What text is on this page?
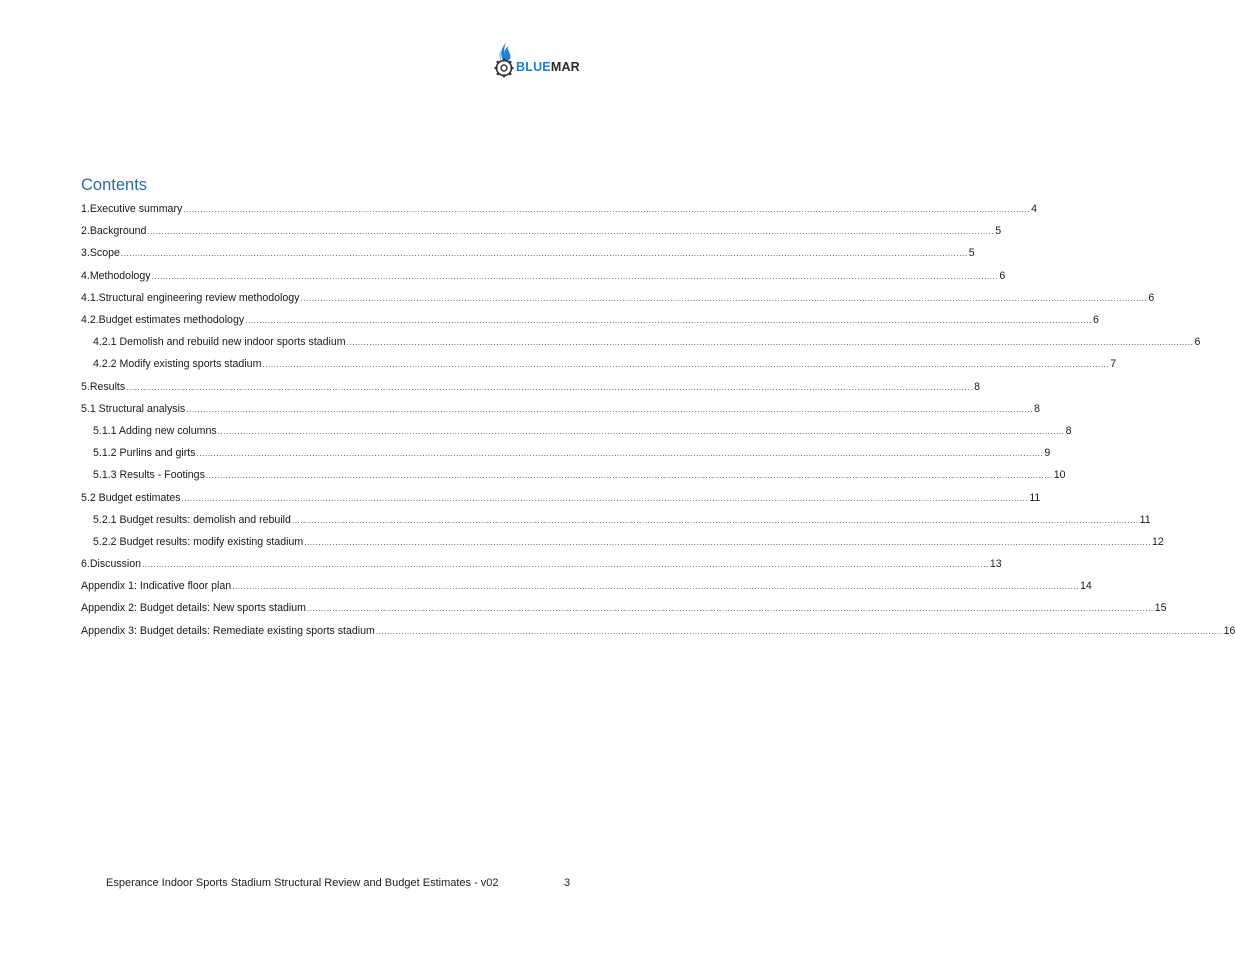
BLUEMAR
Contents
1. Executive summary ............................................................................................................................................................................................................................................................................................................ 4
2. Background ............................................................................................................................................................................................................................................................................................................ 5
3. Scope ............................................................................................................................................................................................................................................................................................................ 5
4. Methodology ............................................................................................................................................................................................................................................................................................................ 6
4.1. Structural engineering review methodology ............................................................................................................................................................................................................................................................................................................ 6
4.2. Budget estimates methodology ............................................................................................................................................................................................................................................................................................................ 6
4.2.1 Demolish and rebuild new indoor sports stadium ............................................................................................................................................................................................................................................................................................................ 6
4.2.2 Modify existing sports stadium ............................................................................................................................................................................................................................................................................................................ 7
5. Results ............................................................................................................................................................................................................................................................................................................ 8
5.1 Structural analysis ............................................................................................................................................................................................................................................................................................................ 8
5.1.1 Adding new columns ............................................................................................................................................................................................................................................................................................................ 8
5.1.2 Purlins and girts ............................................................................................................................................................................................................................................................................................................ 9
5.1.3 Results - Footings ............................................................................................................................................................................................................................................................................................................ 10
5.2 Budget estimates ............................................................................................................................................................................................................................................................................................................ 11
5.2.1 Budget results: demolish and rebuild ............................................................................................................................................................................................................................................................................................................ 11
5.2.2 Budget results: modify existing stadium ............................................................................................................................................................................................................................................................................................................ 12
6. Discussion ............................................................................................................................................................................................................................................................................................................ 13
Appendix 1: Indicative floor plan ............................................................................................................................................................................................................................................................................................................ 14
Appendix 2: Budget details: New sports stadium ............................................................................................................................................................................................................................................................................................................ 15
Appendix 3: Budget details: Remediate existing sports stadium ............................................................................................................................................................................................................................................................................................................ 16
Esperance Indoor Sports Stadium Structural Review and Budget Estimates - v02	3
